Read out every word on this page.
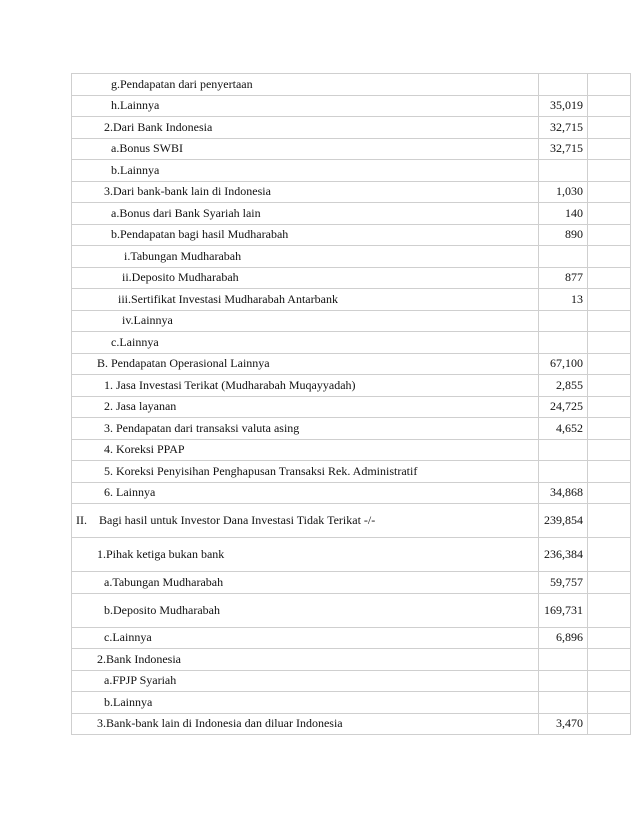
g.Pendapatan dari penyertaan		
h.Lainnya	35,019	
2.Dari Bank Indonesia	32,715	
a.Bonus SWBI	32,715	
b.Lainnya		
3.Dari bank-bank lain di Indonesia	1,030	
a.Bonus dari Bank Syariah lain	140	
b.Pendapatan bagi hasil Mudharabah	890	
i.Tabungan Mudharabah		
ii.Deposito Mudharabah	877	
iii.Sertifikat Investasi Mudharabah Antarbank	13	
iv.Lainnya		
c.Lainnya		
B. Pendapatan Operasional Lainnya	67,100	
1. Jasa Investasi Terikat (Mudharabah Muqayyadah)	2,855	
2. Jasa layanan	24,725	
3. Pendapatan dari transaksi valuta asing	4,652	
4. Koreksi PPAP		
5. Koreksi Penyisihan Penghapusan Transaksi Rek. Administratif		
6. Lainnya	34,868	
II. Bagi hasil untuk Investor Dana Investasi Tidak Terikat -/-	239,854	

1.Pihak ketiga bukan bank	236,384	

a.Tabungan Mudharabah	59,757	
b.Deposito Mudharabah	169,731	

c.Lainnya	6,896	
2.Bank Indonesia		
a.FPJP Syariah		
b.Lainnya		
3.Bank-bank lain di Indonesia dan diluar Indonesia	3,470	
